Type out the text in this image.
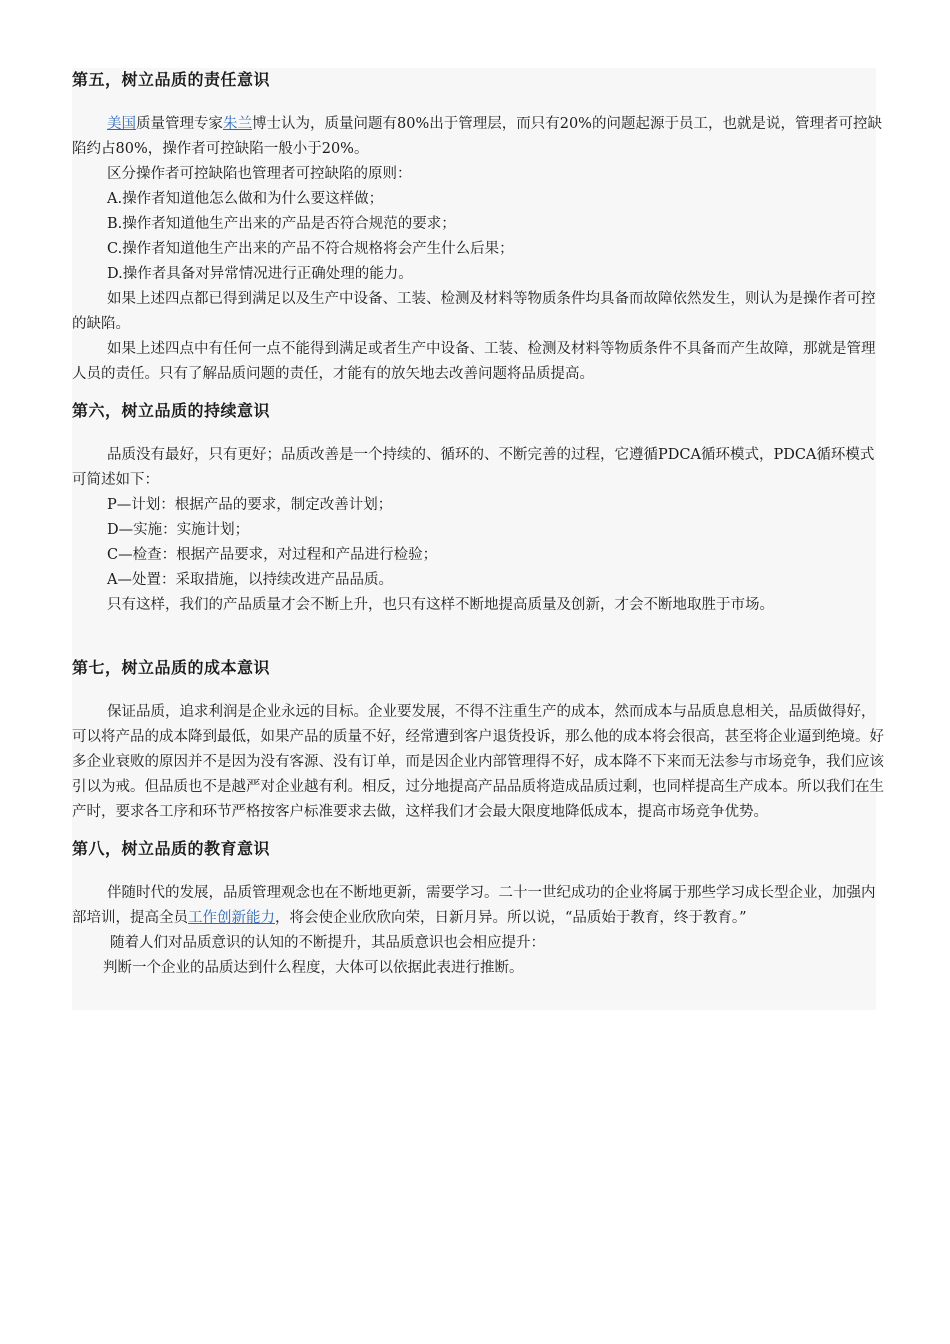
第五，树立品质的责任意识

美国质量管理专家朱兰博士认为，质量问题有80%出于管理层，而只有20%的问题起源于员工，也就是说，管理者可控缺陷约占80%，操作者可控缺陷一般小于20%。

区分操作者可控缺陷也管理者可控缺陷的原则：

A.操作者知道他怎么做和为什么要这样做；

B.操作者知道他生产出来的产品是否符合规范的要求；

C.操作者知道他生产出来的产品不符合规格将会产生什么后果；

D.操作者具备对异常情况进行正确处理的能力。

如果上述四点都已得到满足以及生产中设备、工装、检测及材料等物质条件均具备而故障依然发生，则认为是操作者可控的缺陷。

如果上述四点中有任何一点不能得到满足或者生产中设备、工装、检测及材料等物质条件不具备而产生故障，那就是管理人员的责任。只有了解品质问题的责任，才能有的放矢地去改善问题将品质提高。

第六，树立品质的持续意识

品质没有最好，只有更好；品质改善是一个持续的、循环的、不断完善的过程，它遵循PDCA循环模式，PDCA循环模式可简述如下：

P—计划：根据产品的要求，制定改善计划；

D—实施：实施计划；

C—检查：根据产品要求，对过程和产品进行检验；

A—处置：采取措施，以持续改进产品品质。

只有这样，我们的产品质量才会不断上升，也只有这样不断地提高质量及创新，才会不断地取胜于市场。

第七，树立品质的成本意识

保证品质，追求利润是企业永远的目标。企业要发展，不得不注重生产的成本，然而成本与品质息息相关，品质做得好，可以将产品的成本降到最低，如果产品的质量不好，经常遭到客户退货投诉，那么他的成本将会很高，甚至将企业逼到绝境。好多企业衰败的原因并不是因为没有客源、没有订单，而是因企业内部管理得不好，成本降不下来而无法参与市场竞争，我们应该引以为戒。但品质也不是越严对企业越有利。相反，过分地提高产品品质将造成品质过剩，也同样提高生产成本。所以我们在生产时，要求各工序和环节严格按客户标准要求去做，这样我们才会最大限度地降低成本，提高市场竞争优势。

第八，树立品质的教育意识

伴随时代的发展，品质管理观念也在不断地更新，需要学习。二十一世纪成功的企业将属于那些学习成长型企业，加强内部培训，提高全员工作创新能力，将会使企业欣欣向荣，日新月异。所以说，“品质始于教育，终于教育。”

随着人们对品质意识的认知的不断提升，其品质意识也会相应提升：

判断一个企业的品质达到什么程度，大体可以依据此表进行推断。
